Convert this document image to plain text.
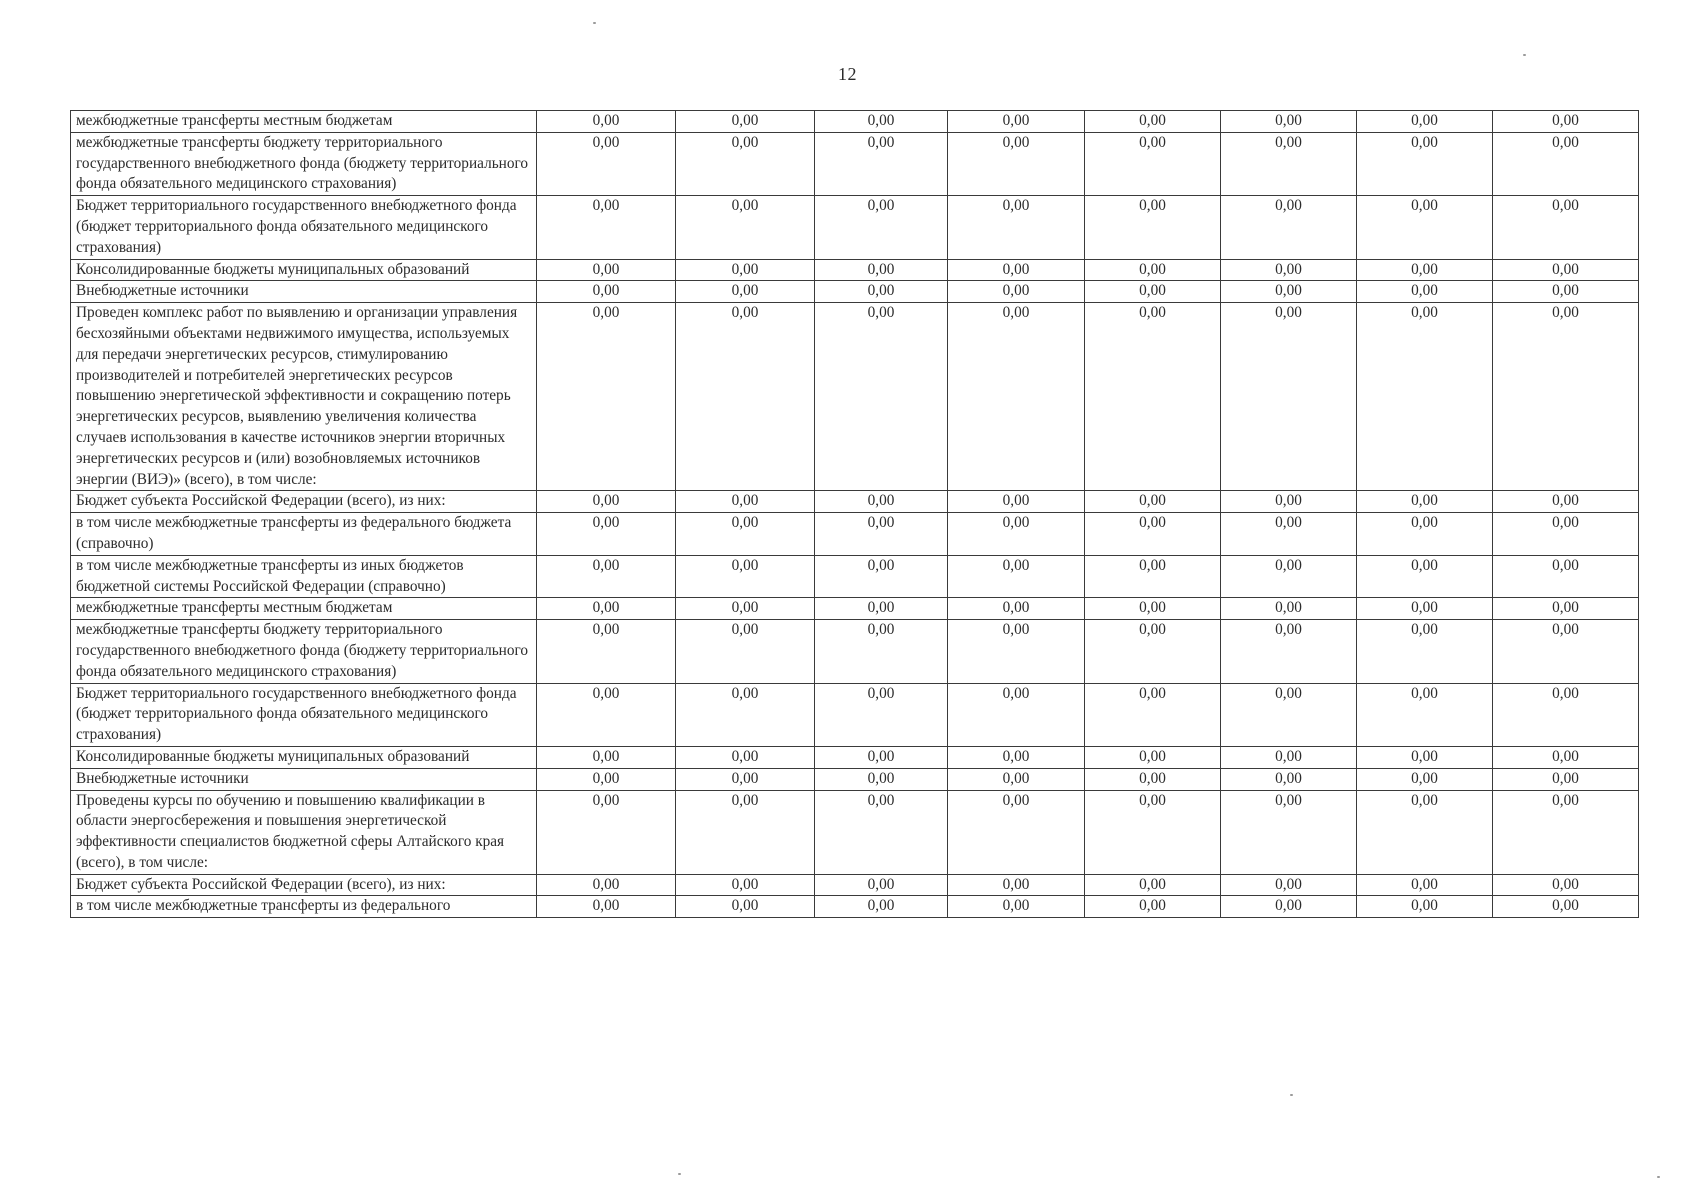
12
межбюджетные трансферты местным бюджетам	0,00	0,00	0,00	0,00	0,00	0,00	0,00	0,00
межбюджетные трансферты бюджету территориального государственного внебюджетного фонда (бюджету территориального фонда обязательного медицинского страхования)	0,00	0,00	0,00	0,00	0,00	0,00	0,00	0,00
Бюджет территориального государственного внебюджетного фонда (бюджет территориального фонда обязательного медицинского страхования)	0,00	0,00	0,00	0,00	0,00	0,00	0,00	0,00
Консолидированные бюджеты муниципальных образований	0,00	0,00	0,00	0,00	0,00	0,00	0,00	0,00
Внебюджетные источники	0,00	0,00	0,00	0,00	0,00	0,00	0,00	0,00
Проведен комплекс работ по выявлению и организации управления бесхозяйными объектами недвижимого имущества, используемых для передачи энергетических ресурсов, стимулированию производителей и потребителей энергетических ресурсов повышению энергетической эффективности и сокращению потерь энергетических ресурсов, выявлению увеличения количества случаев использования в качестве источников энергии вторичных энергетических ресурсов и (или) возобновляемых источников энергии (ВИЭ)» (всего), в том числе:	0,00	0,00	0,00	0,00	0,00	0,00	0,00	0,00
Бюджет субъекта Российской Федерации (всего), из них:	0,00	0,00	0,00	0,00	0,00	0,00	0,00	0,00
в том числе межбюджетные трансферты из федерального бюджета (справочно)	0,00	0,00	0,00	0,00	0,00	0,00	0,00	0,00
в том числе межбюджетные трансферты из иных бюджетов бюджетной системы Российской Федерации (справочно)	0,00	0,00	0,00	0,00	0,00	0,00	0,00	0,00
межбюджетные трансферты местным бюджетам	0,00	0,00	0,00	0,00	0,00	0,00	0,00	0,00
межбюджетные трансферты бюджету территориального государственного внебюджетного фонда (бюджету территориального фонда обязательного медицинского страхования)	0,00	0,00	0,00	0,00	0,00	0,00	0,00	0,00
Бюджет территориального государственного внебюджетного фонда (бюджет территориального фонда обязательного медицинского страхования)	0,00	0,00	0,00	0,00	0,00	0,00	0,00	0,00
Консолидированные бюджеты муниципальных образований	0,00	0,00	0,00	0,00	0,00	0,00	0,00	0,00
Внебюджетные источники	0,00	0,00	0,00	0,00	0,00	0,00	0,00	0,00
Проведены курсы по обучению и повышению квалификации в области энергосбережения и повышения энергетической эффективности специалистов бюджетной сферы Алтайского края (всего), в том числе:	0,00	0,00	0,00	0,00	0,00	0,00	0,00	0,00
Бюджет субъекта Российской Федерации (всего), из них:	0,00	0,00	0,00	0,00	0,00	0,00	0,00	0,00
в том числе межбюджетные трансферты из федерального	0,00	0,00	0,00	0,00	0,00	0,00	0,00	0,00
